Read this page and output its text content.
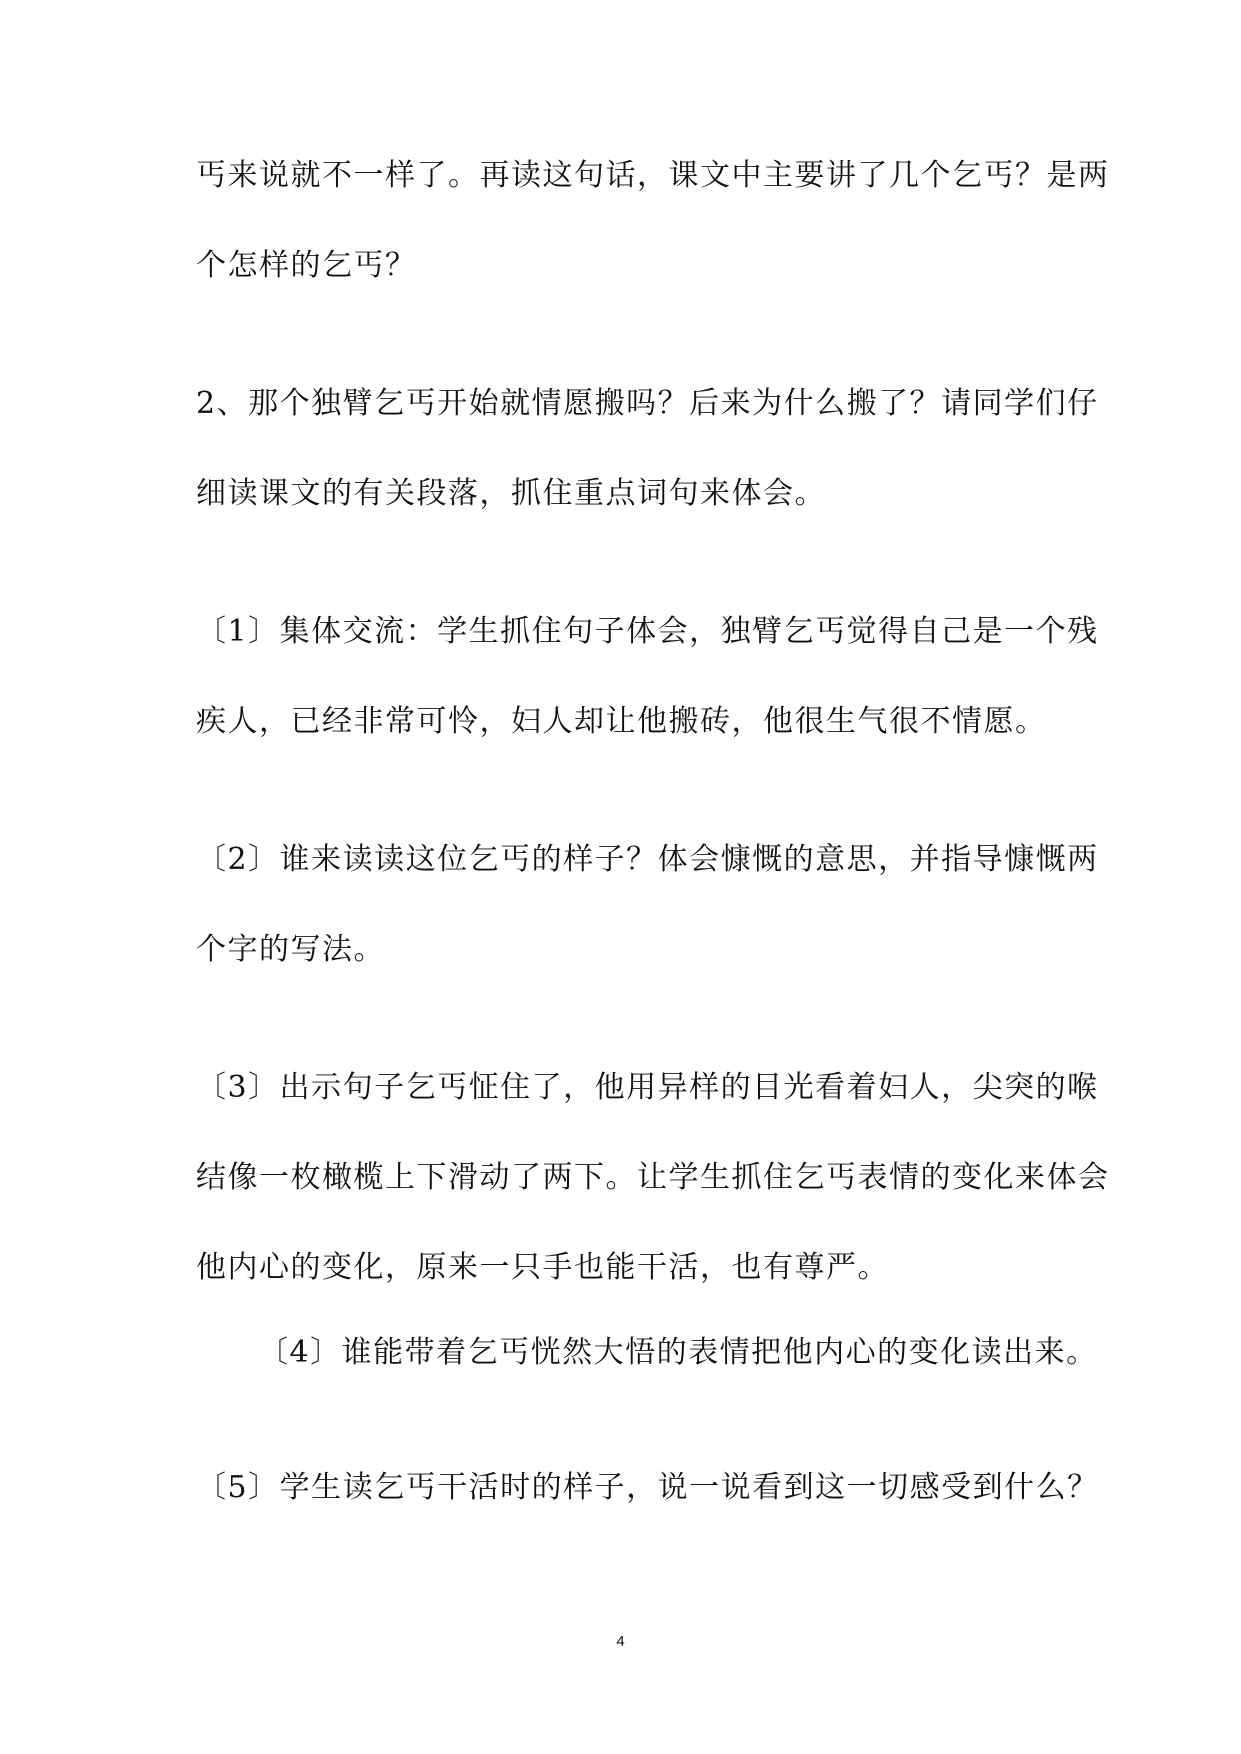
丐来说就不一样了。再读这句话，课文中主要讲了几个乞丐？是两
个怎样的乞丐？
2、那个独臂乞丐开始就情愿搬吗？后来为什么搬了？请同学们仔
细读课文的有关段落，抓住重点词句来体会。
〔1〕集体交流：学生抓住句子体会，独臂乞丐觉得自己是一个残
疾人，已经非常可怜，妇人却让他搬砖，他很生气很不情愿。
〔2〕谁来读读这位乞丐的样子？体会慷慨的意思，并指导慷慨两
个字的写法。
〔3〕出示句子乞丐怔住了，他用异样的目光看着妇人，尖突的喉
结像一枚橄榄上下滑动了两下。让学生抓住乞丐表情的变化来体会
他内心的变化，原来一只手也能干活，也有尊严。
〔4〕谁能带着乞丐恍然大悟的表情把他内心的变化读出来。
〔5〕学生读乞丐干活时的样子，说一说看到这一切感受到什么？
4
